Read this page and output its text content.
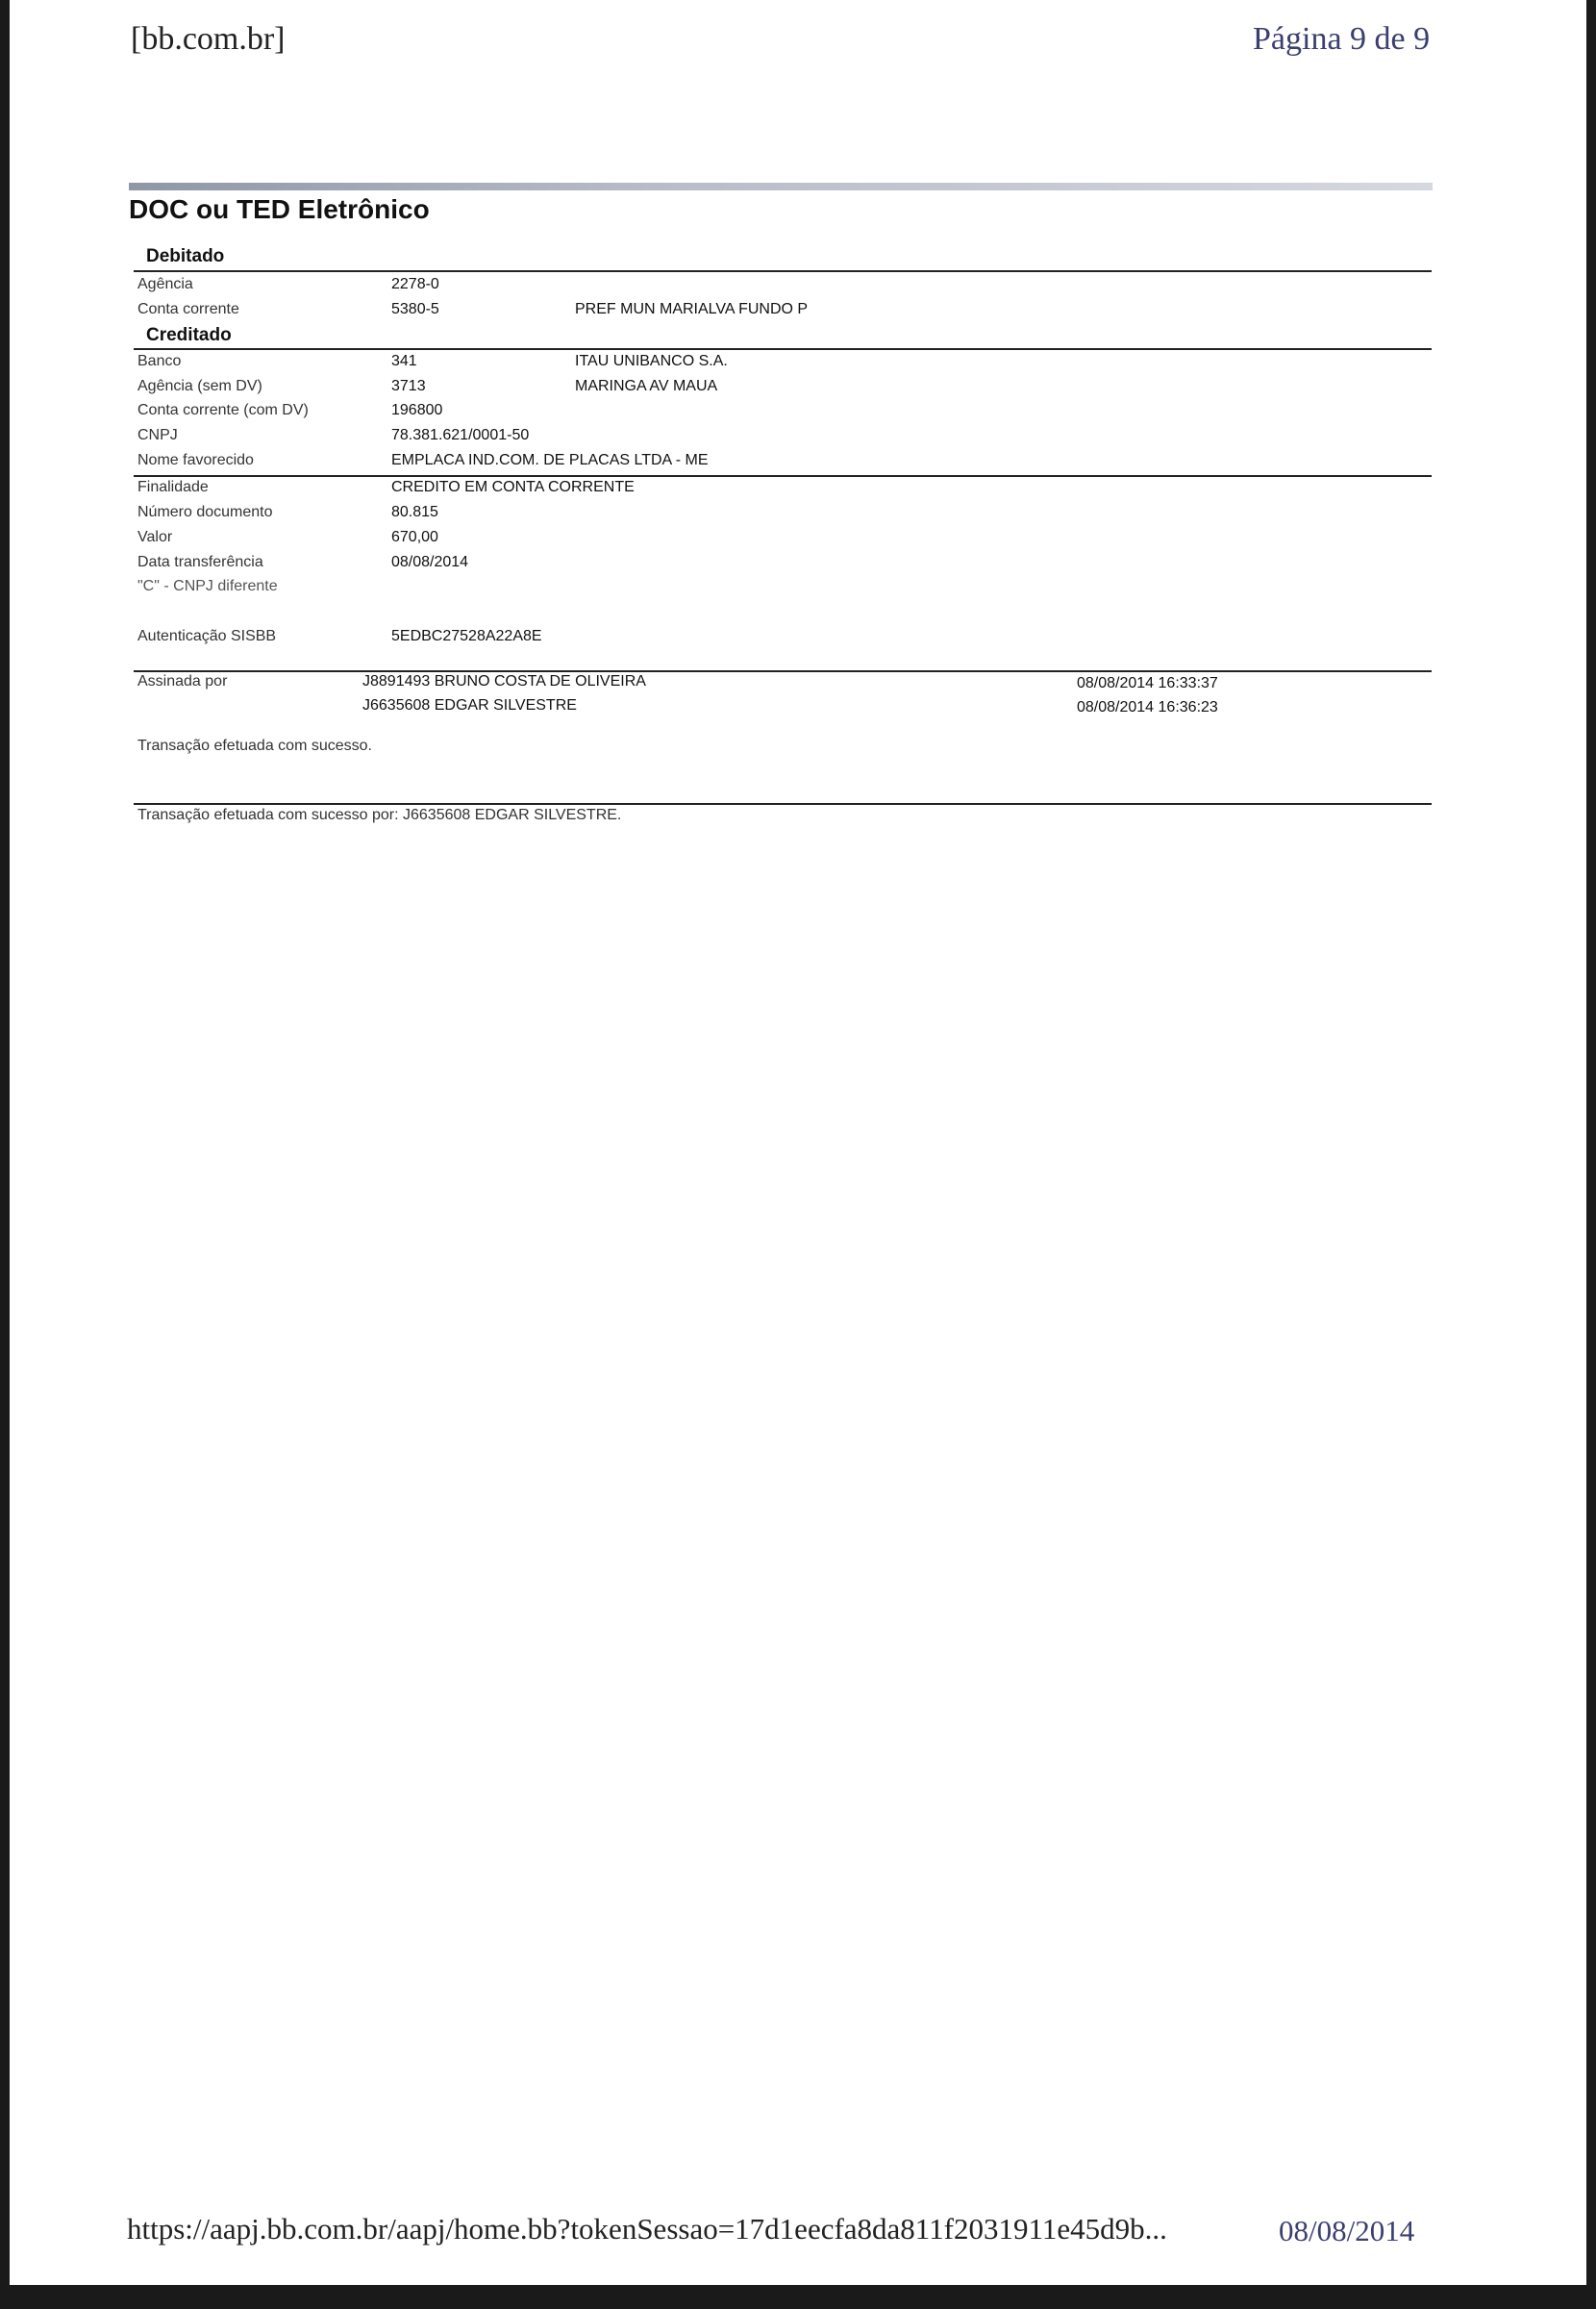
[bb.com.br]	Página 9 de 9
DOC ou TED Eletrônico
Debitado
Agência	2278-0
Conta corrente	5380-5	PREF MUN MARIALVA FUNDO P
Creditado
Banco	341	ITAU UNIBANCO S.A.
Agência (sem DV)	3713	MARINGA AV MAUA
Conta corrente (com DV)	196800
CNPJ	78.381.621/0001-50
Nome favorecido	EMPLACA IND.COM. DE PLACAS LTDA - ME
Finalidade	CREDITO EM CONTA CORRENTE
Número documento	80.815
Valor	670,00
Data transferência	08/08/2014
"C" - CNPJ diferente
Autenticação SISBB	5EDBC27528A22A8E
Assinada por	J8891493 BRUNO COSTA DE OLIVEIRA	08/08/2014 16:33:37
J6635608 EDGAR SILVESTRE	08/08/2014 16:36:23
Transação efetuada com sucesso.
Transação efetuada com sucesso por: J6635608 EDGAR SILVESTRE.
https://aapj.bb.com.br/aapj/home.bb?tokenSessao=17d1eecfa8da811f2031911e45d9b...	08/08/2014
